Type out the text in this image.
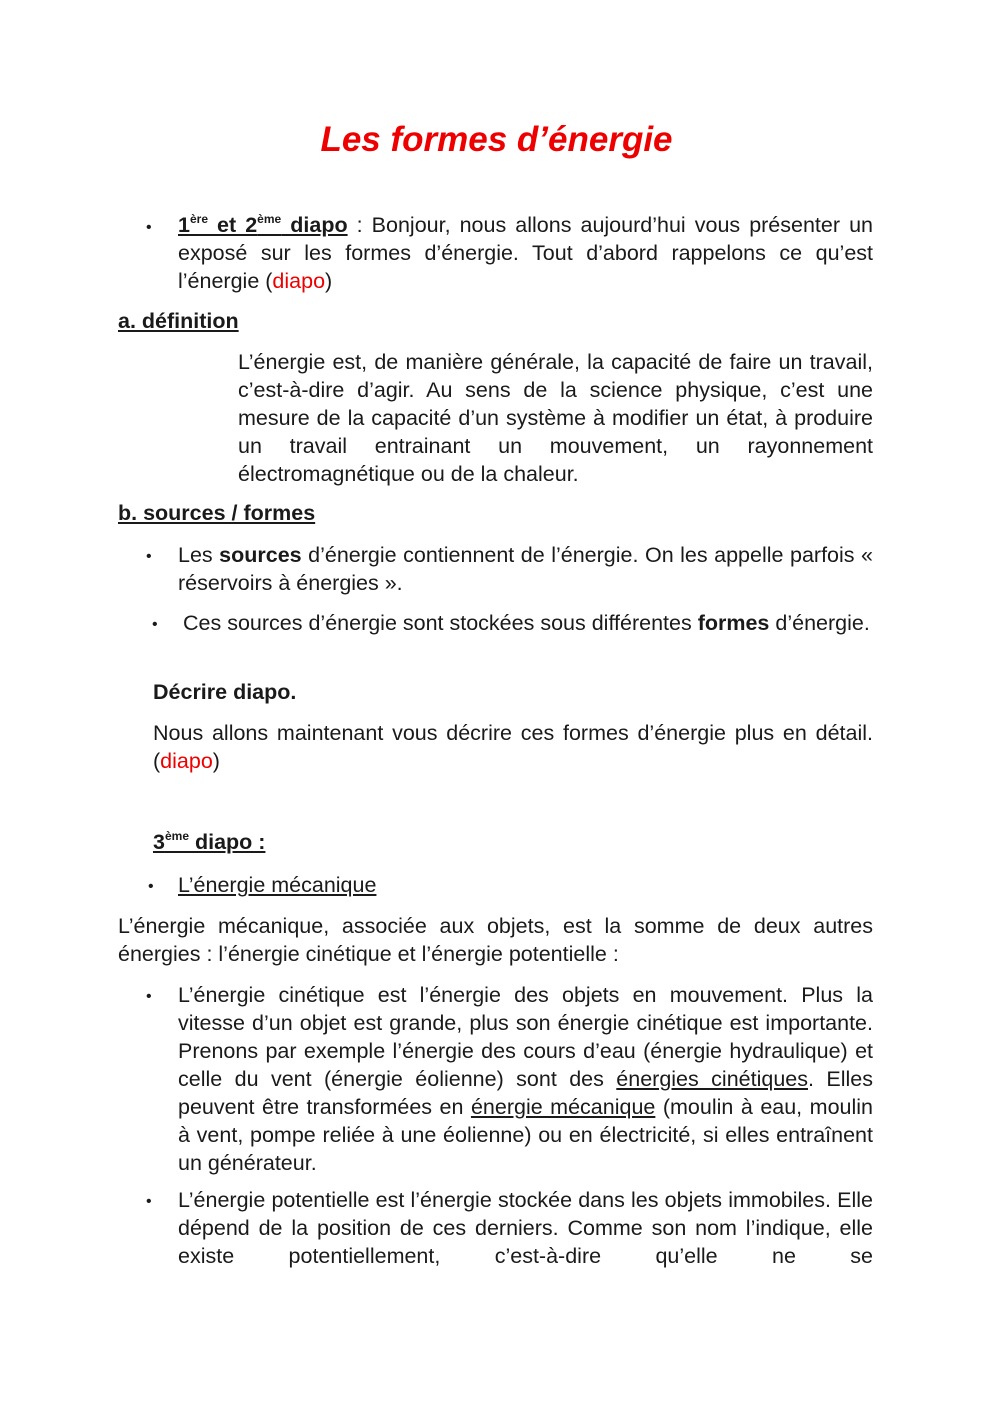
Les formes d’énergie
• 1ère et 2ème diapo : Bonjour, nous allons aujourd’hui vous présenter un exposé sur les formes d’énergie. Tout d’abord rappelons ce qu’est l’énergie (diapo)

a. définition

L’énergie est, de manière générale, la capacité de faire un travail, c’est-à-dire d’agir. Au sens de la science physique, c’est une mesure de la capacité d’un système à modifier un état, à produire un travail entrainant un mouvement, un rayonnement électromagnétique ou de la chaleur.

b. sources / formes

• Les sources d’énergie contiennent de l’énergie. On les appelle parfois « réservoirs à énergies ».

• Ces sources d’énergie sont stockées sous différentes formes d’énergie.

Décrire diapo.

Nous allons maintenant vous décrire ces formes d’énergie plus en détail. (diapo)

3ème diapo :

• L’énergie mécanique

L’énergie mécanique, associée aux objets, est la somme de deux autres énergies : l’énergie cinétique et l’énergie potentielle :

• L’énergie cinétique est l’énergie des objets en mouvement. Plus la vitesse d’un objet est grande, plus son énergie cinétique est importante. Prenons par exemple l’énergie des cours d’eau (énergie hydraulique) et celle du vent (énergie éolienne) sont des énergies cinétiques. Elles peuvent être transformées en énergie mécanique (moulin à eau, moulin à vent, pompe reliée à une éolienne) ou en électricité, si elles entraînent un générateur.

• L’énergie potentielle est l’énergie stockée dans les objets immobiles. Elle dépend de la position de ces derniers. Comme son nom l’indique, elle existe potentiellement, c’est-à-dire qu’elle ne se
